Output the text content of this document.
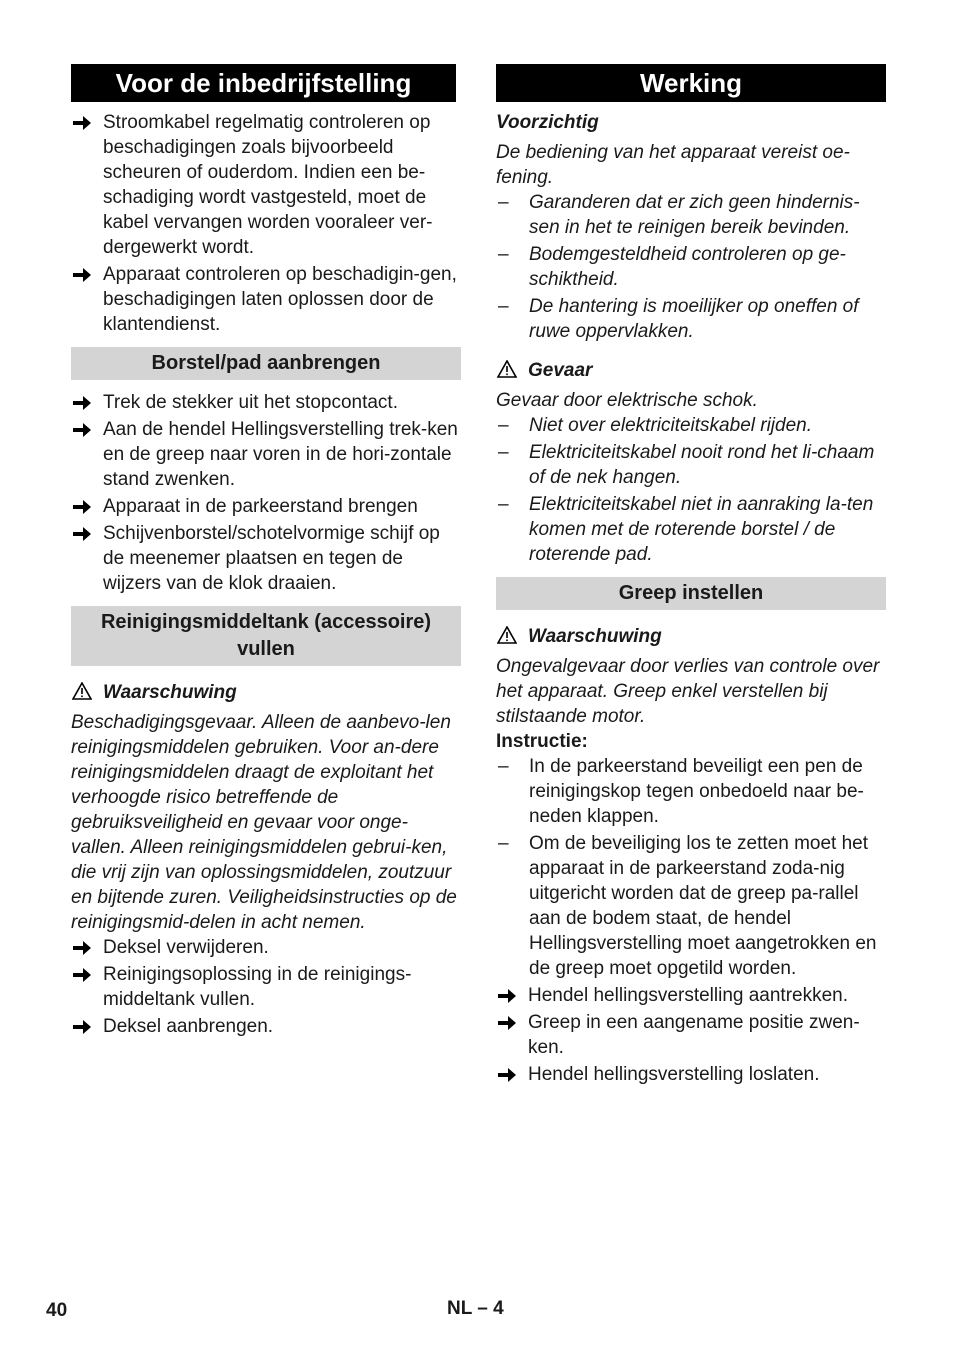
Voor de inbedrijfstelling
Stroomkabel regelmatig controleren op beschadigingen zoals bijvoorbeeld scheuren of ouderdom. Indien een be-schadiging wordt vastgesteld, moet de kabel vervangen worden vooraleer ver-dergewerkt wordt.
Apparaat controleren op beschadigin-gen, beschadigingen laten oplossen door de klantendienst.
Borstel/pad aanbrengen
Trek de stekker uit het stopcontact.
Aan de hendel Hellingsverstelling trek-ken en de greep naar voren in de hori-zontale stand zwenken.
Apparaat in de parkeerstand brengen
Schijvenborstel/schotelvormige schijf op de meenemer plaatsen en tegen de wijzers van de klok draaien.
Reinigingsmiddeltank (accessoire) vullen
Waarschuwing
Beschadigingsgevaar. Alleen de aanbevo-len reinigingsmiddelen gebruiken. Voor an-dere reinigingsmiddelen draagt de exploitant het verhoogde risico betreffende de gebruiksveiligheid en gevaar voor onge-vallen. Alleen reinigingsmiddelen gebrui-ken, die vrij zijn van oplossingsmiddelen, zoutzuur en bijtende zuren. Veiligheidsinstructies op de reinigingsmid-delen in acht nemen.
Deksel verwijderen.
Reinigingsoplossing in de reinigings-middeltank vullen.
Deksel aanbrengen.
Werking
Voorzichtig
De bediening van het apparaat vereist oe-fening.
– Garanderen dat er zich geen hindernis-sen in het te reinigen bereik bevinden.
– Bodemgesteldheid controleren op ge-schiktheid.
– De hantering is moeilijker op oneffen of ruwe oppervlakken.
Gevaar
Gevaar door elektrische schok.
– Niet over elektriciteitskabel rijden.
– Elektriciteitskabel nooit rond het li-chaam of de nek hangen.
– Elektriciteitskabel niet in aanraking la-ten komen met de roterende borstel / de roterende pad.
Greep instellen
Waarschuwing
Ongevalgevaar door verlies van controle over het apparaat. Greep enkel verstellen bij stilstaande motor.
Instructie:
– In de parkeerstand beveiligt een pen de reinigingskop tegen onbedoeld naar be-neden klappen.
– Om de beveiliging los te zetten moet het apparaat in de parkeerstand zoda-nig uitgericht worden dat de greep pa-rallel aan de bodem staat, de hendel Hellingsverstelling moet aangetrokken en de greep moet opgetild worden.
Hendel hellingsverstelling aantrekken.
Greep in een aangename positie zwen-ken.
Hendel hellingsverstelling loslaten.
40	NL – 4
